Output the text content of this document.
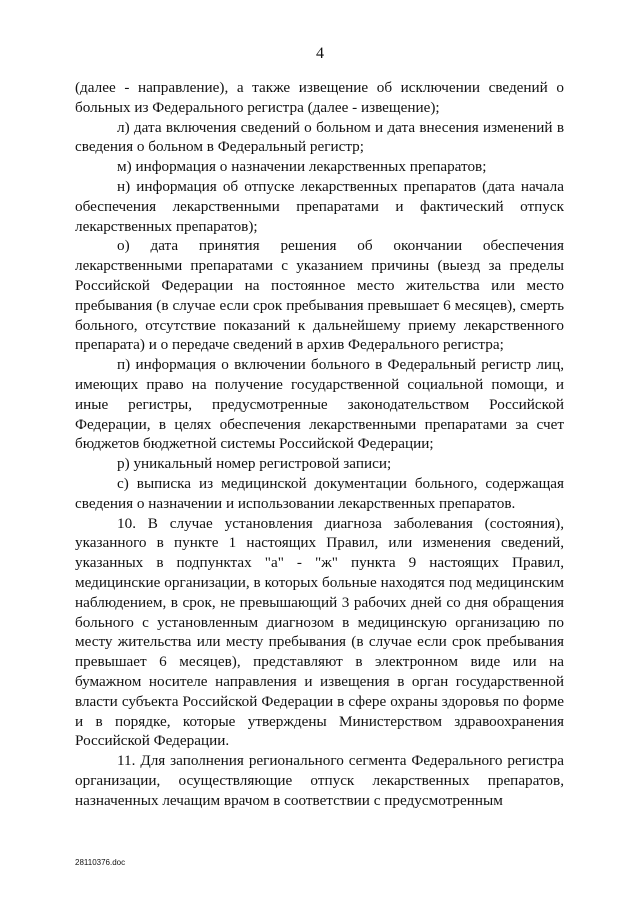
4

(далее - направление), а также извещение об исключении сведений о больных из Федерального регистра (далее - извещение);

л) дата включения сведений о больном и дата внесения изменений в сведения о больном в Федеральный регистр;

м) информация о назначении лекарственных препаратов;

н) информация об отпуске лекарственных препаратов (дата начала обеспечения лекарственными препаратами и фактический отпуск лекарственных препаратов);

о) дата принятия решения об окончании обеспечения лекарственными препаратами с указанием причины (выезд за пределы Российской Федерации на постоянное место жительства или место пребывания (в случае если срок пребывания превышает 6 месяцев), смерть больного, отсутствие показаний к дальнейшему приему лекарственного препарата) и о передаче сведений в архив Федерального регистра;

п) информация о включении больного в Федеральный регистр лиц, имеющих право на получение государственной социальной помощи, и иные регистры, предусмотренные законодательством Российской Федерации, в целях обеспечения лекарственными препаратами за счет бюджетов бюджетной системы Российской Федерации;

р) уникальный номер регистровой записи;

с) выписка из медицинской документации больного, содержащая сведения о назначении и использовании лекарственных препаратов.

10. В случае установления диагноза заболевания (состояния), указанного в пункте 1 настоящих Правил, или изменения сведений, указанных в подпунктах "а" - "ж" пункта 9 настоящих Правил, медицинские организации, в которых больные находятся под медицинским наблюдением, в срок, не превышающий 3 рабочих дней со дня обращения больного с установленным диагнозом в медицинскую организацию по месту жительства или месту пребывания (в случае если срок пребывания превышает 6 месяцев), представляют в электронном виде или на бумажном носителе направления и извещения в орган государственной власти субъекта Российской Федерации в сфере охраны здоровья по форме и в порядке, которые утверждены Министерством здравоохранения Российской Федерации.

11. Для заполнения регионального сегмента Федерального регистра организации, осуществляющие отпуск лекарственных препаратов, назначенных лечащим врачом в соответствии с предусмотренным

28110376.doc
